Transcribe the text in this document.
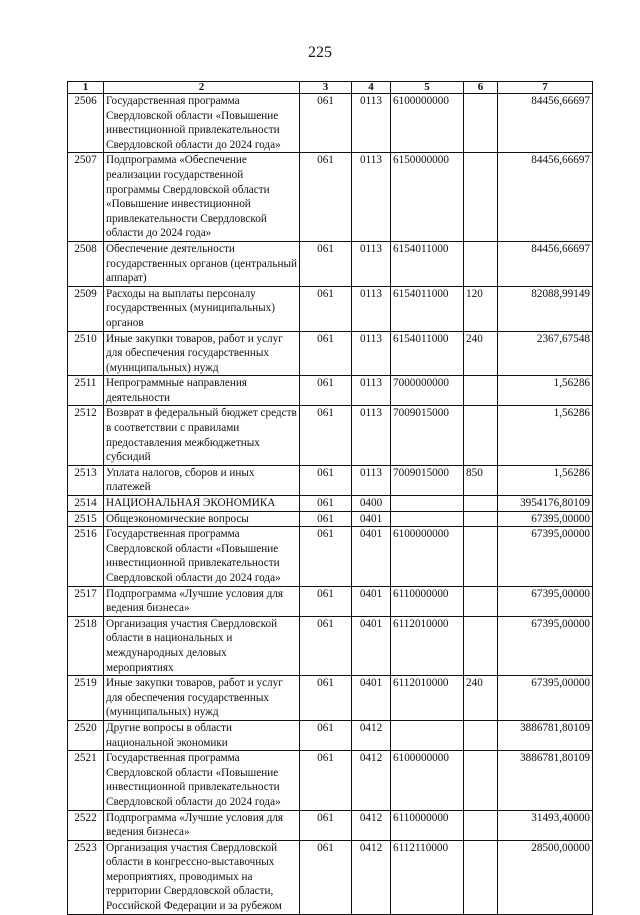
225
1	2	3	4	5	6	7
2506	Государственная программа Свердловской области «Повышение инвестиционной привлекательности Свердловской области до 2024 года»	061	0113	6100000000		84456,66697
2507	Подпрограмма «Обеспечение реализации государственной программы Свердловской области «Повышение инвестиционной привлекательности Свердловской области до 2024 года»	061	0113	6150000000		84456,66697
2508	Обеспечение деятельности государственных органов (центральный аппарат)	061	0113	6154011000		84456,66697
2509	Расходы на выплаты персоналу государственных (муниципальных) органов	061	0113	6154011000	120	82088,99149
2510	Иные закупки товаров, работ и услуг для обеспечения государственных (муниципальных) нужд	061	0113	6154011000	240	2367,67548
2511	Непрограммные направления деятельности	061	0113	7000000000		1,56286
2512	Возврат в федеральный бюджет средств в соответствии с правилами предоставления межбюджетных субсидий	061	0113	7009015000		1,56286
2513	Уплата налогов, сборов и иных платежей	061	0113	7009015000	850	1,56286
2514	НАЦИОНАЛЬНАЯ ЭКОНОМИКА	061	0400			3954176,80109
2515	Общеэкономические вопросы	061	0401			67395,00000
2516	Государственная программа Свердловской области «Повышение инвестиционной привлекательности Свердловской области до 2024 года»	061	0401	6100000000		67395,00000
2517	Подпрограмма «Лучшие условия для ведения бизнеса»	061	0401	6110000000		67395,00000
2518	Организация участия Свердловской области в национальных и международных деловых мероприятиях	061	0401	6112010000		67395,00000
2519	Иные закупки товаров, работ и услуг для обеспечения государственных (муниципальных) нужд	061	0401	6112010000	240	67395,00000
2520	Другие вопросы в области национальной экономики	061	0412			3886781,80109
2521	Государственная программа Свердловской области «Повышение инвестиционной привлекательности Свердловской области до 2024 года»	061	0412	6100000000		3886781,80109
2522	Подпрограмма «Лучшие условия для ведения бизнеса»	061	0412	6110000000		31493,40000
2523	Организация участия Свердловской области в конгрессно-выставочных мероприятиях, проводимых на территории Свердловской области, Российской Федерации и за рубежом	061	0412	6112110000		28500,00000
